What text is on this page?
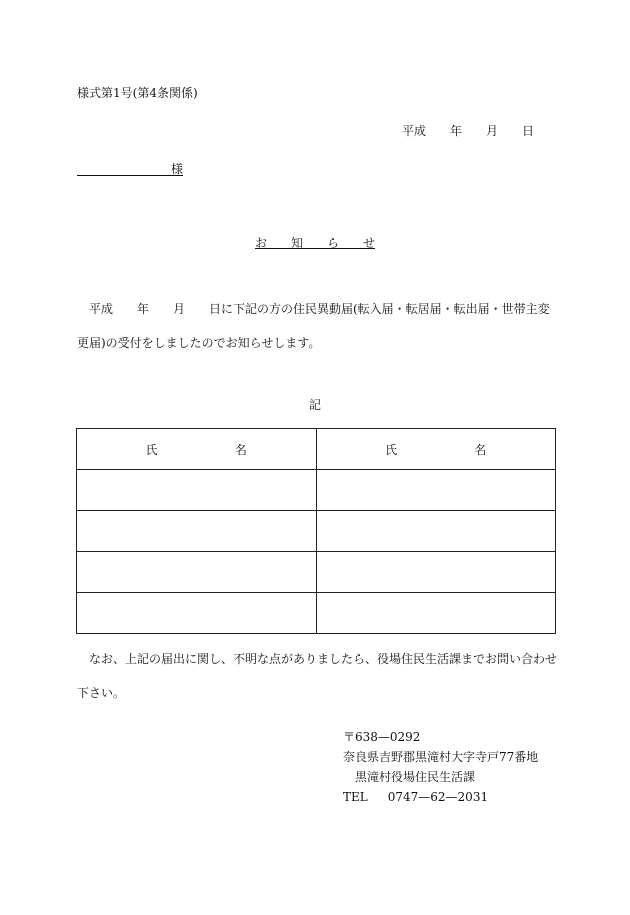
様式第1号(第4条関係)
平成 年 月 日
様
お　　知　　ら　　せ
平成　　年　　月　　日に下記の方の住民異動届(転入届・転居届・転出届・世帯主変更届)の受付をしましたのでお知らせします。
記
氏 名	氏 名

なお、上記の届出に関し、不明な点がありましたら、役場住民生活課までお問い合わせ下さい。
〒638—0292
奈良県吉野郡黒滝村大字寺戸77番地
黒滝村役場住民生活課
TEL 0747—62—2031
